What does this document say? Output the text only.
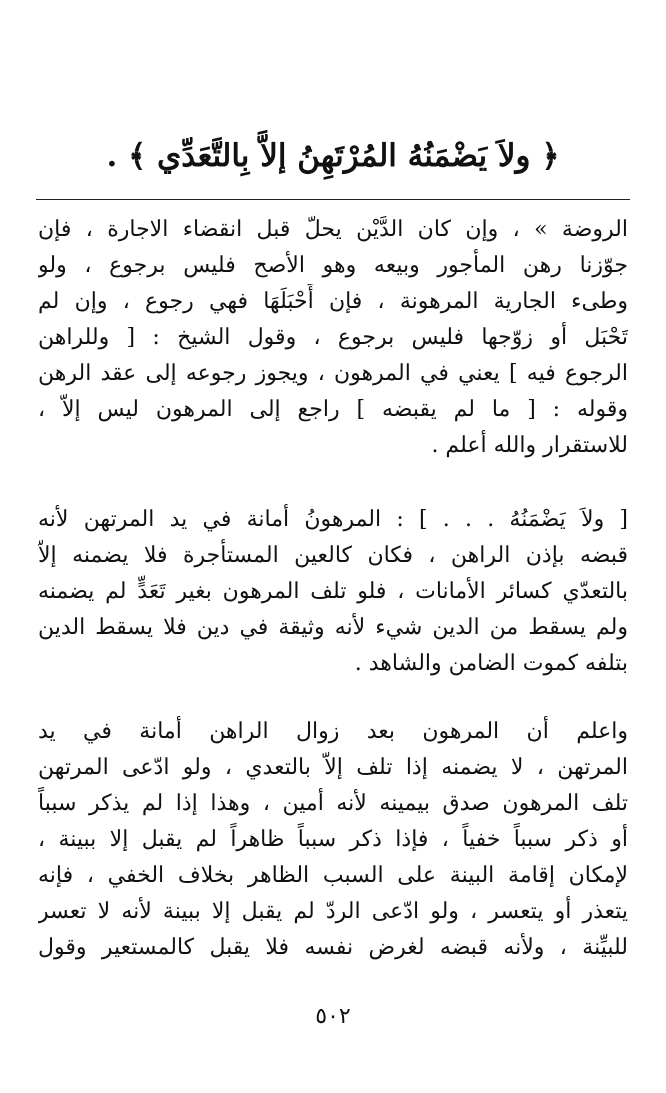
﴿ ولاَ يَضْمَنُهُ المُرْتَهِنُ إلاَّ بِالتَّعَدِّي ﴾ .
الروضة » ، وإن كان الدَّيْن يحلّ قبل انقضاء الاجارة ، فإن
جوّزنا رهن المأجور وبيعه وهو الأصح فليس برجوع ، ولو
وطىء الجارية المرهونة ، فإن أَحْبَلَهَا فهي رجوع ، وإن لم
تَحْبَل أو زوّجها فليس برجوع ، وقول الشيخ : [ وللراهن
الرجوع فيه ] يعني في المرهون ، ويجوز رجوعه إلى عقد الرهن
وقوله : [ ما لم يقبضه ] راجع إلى المرهون ليس إلاّ ،
للاستقرار والله أعلم .
[ ولاَ يَضْمَنُهُ . . . ] : المرهونُ أمانة في يد المرتهن لأنه
قبضه بإذن الراهن ، فكان كالعين المستأجرة فلا يضمنه إلاّ
بالتعدّي كسائر الأمانات ، فلو تلف المرهون بغير تَعَدٍّ لم يضمنه
ولم يسقط من الدين شيء لأنه وثيقة في دين فلا يسقط الدين
بتلفه كموت الضامن والشاهد .
واعلم أن المرهون بعد زوال الراهن أمانة في يد
المرتهن ، لا يضمنه إذا تلف إلاّ بالتعدي ، ولو ادّعى المرتهن
تلف المرهون صدق بيمينه لأنه أمين ، وهذا إذا لم يذكر سبباً
أو ذكر سبباً خفياً ، فإذا ذكر سبباً ظاهراً لم يقبل إلا ببينة ،
لإمكان إقامة البينة على السبب الظاهر بخلاف الخفي ، فإنه
يتعذر أو يتعسر ، ولو ادّعى الردّ لم يقبل إلا ببينة لأنه لا تعسر
للبيِّنة ، ولأنه قبضه لغرض نفسه فلا يقبل كالمستعير وقول
٥٠٢
